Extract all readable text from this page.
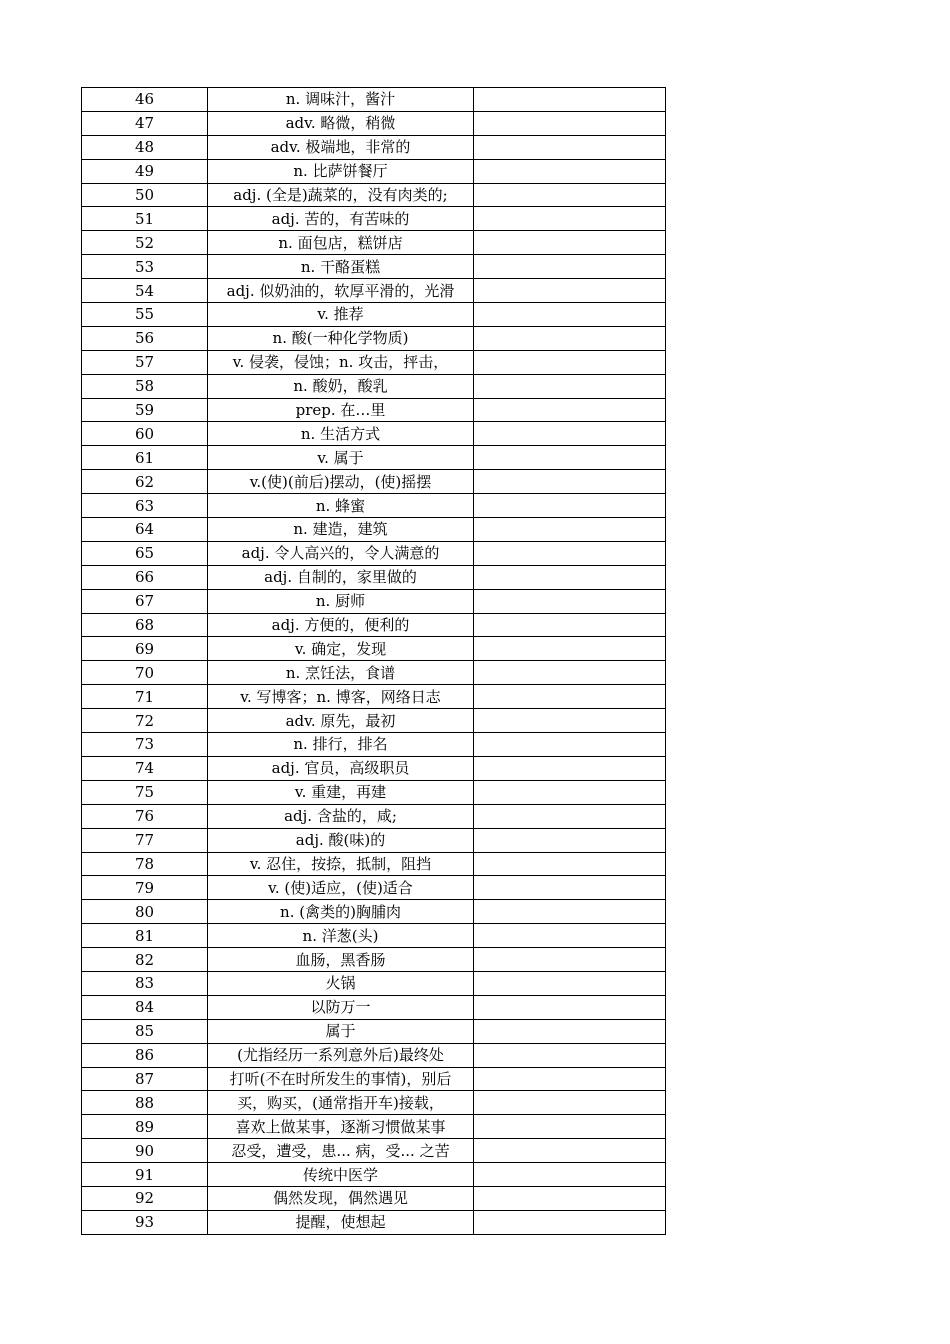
46	n. 调味汁，酱汁	
47	adv. 略微，稍微	
48	adv. 极端地，非常的	
49	n. 比萨饼餐厅	
50	adj. (全是)蔬菜的，没有肉类的;	
51	adj. 苦的，有苦味的	
52	n. 面包店，糕饼店	
53	n. 干酪蛋糕	
54	adj. 似奶油的，软厚平滑的，光滑	
55	v. 推荐	
56	n. 酸(一种化学物质)	
57	v. 侵袭，侵蚀；n. 攻击，抨击，	
58	n. 酸奶，酸乳	
59	prep. 在…里	
60	n. 生活方式	
61	v. 属于	
62	v.(使)(前后)摆动，(使)摇摆	
63	n. 蜂蜜	
64	n. 建造，建筑	
65	adj. 令人高兴的，令人满意的	
66	adj. 自制的，家里做的	
67	n. 厨师	
68	adj. 方便的，便利的	
69	v. 确定，发现	
70	n. 烹饪法，食谱	
71	v. 写博客；n. 博客，网络日志	
72	adv. 原先，最初	
73	n. 排行，排名	
74	adj. 官员，高级职员	
75	v. 重建，再建	
76	adj. 含盐的，咸;	
77	adj. 酸(味)的	
78	v. 忍住，按捺，抵制，阻挡	
79	v. (使)适应，(使)适合	
80	n. (禽类的)胸脯肉	
81	n. 洋葱(头)	
82	血肠，黑香肠	
83	火锅	
84	以防万一	
85	属于	
86	(尤指经历一系列意外后)最终处	
87	打听(不在时所发生的事情)，别后	
88	买，购买，(通常指开车)接载，	
89	喜欢上做某事，逐渐习惯做某事	
90	忍受，遭受，患... 病，受... 之苦	
91	传统中医学	
92	偶然发现，偶然遇见	
93	提醒，使想起	
